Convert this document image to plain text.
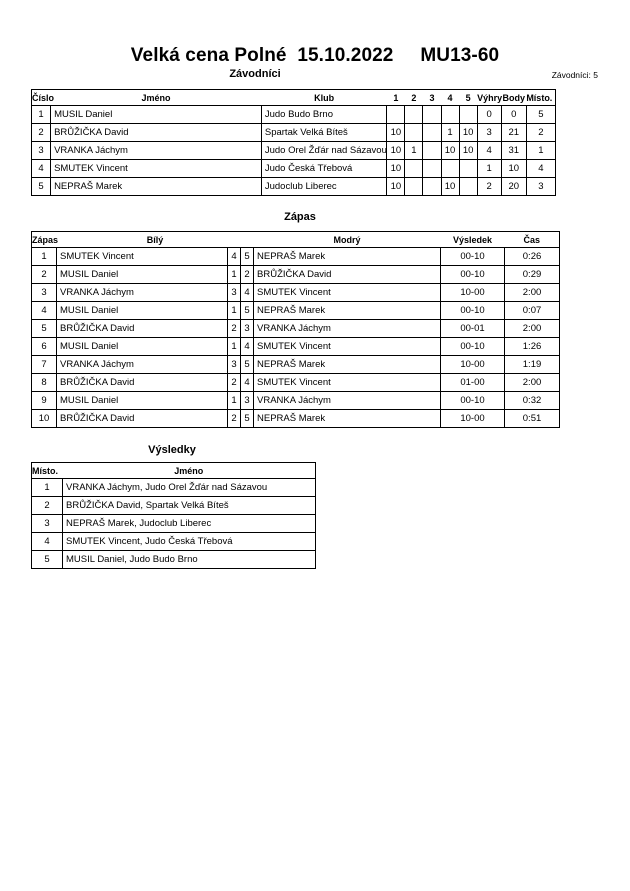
Velká cena Polné  15.10.2022     MU13-60
Závodníci	Závodníci: 5
Číslo	Jméno	Klub	1	2	3	4	5	Výhry	Body	Místo.
1	MUSIL Daniel	Judo Budo Brno						0	0	5
2	BRŮŽIČKA David	Spartak Velká Bíteš	10			1	10	3	21	2
3	VRANKA Jáchym	Judo Orel Žďár nad Sázavou	10	1		10	10	4	31	1
4	SMUTEK Vincent	Judo Česká Třebová	10					1	10	4
5	NEPRAŠ Marek	Judoclub Liberec	10			10		2	20	3
Zápas
Zápas	Bílý			Modrý	Výsledek	Čas
1	SMUTEK Vincent	4	5	NEPRAŠ Marek	00-10	0:26
2	MUSIL Daniel	1	2	BRŮŽIČKA David	00-10	0:29
3	VRANKA Jáchym	3	4	SMUTEK Vincent	10-00	2:00
4	MUSIL Daniel	1	5	NEPRAŠ Marek	00-10	0:07
5	BRŮŽIČKA David	2	3	VRANKA Jáchym	00-01	2:00
6	MUSIL Daniel	1	4	SMUTEK Vincent	00-10	1:26
7	VRANKA Jáchym	3	5	NEPRAŠ Marek	10-00	1:19
8	BRŮŽIČKA David	2	4	SMUTEK Vincent	01-00	2:00
9	MUSIL Daniel	1	3	VRANKA Jáchym	00-10	0:32
10	BRŮŽIČKA David	2	5	NEPRAŠ Marek	10-00	0:51
Výsledky
Místo.	Jméno
1	VRANKA Jáchym, Judo Orel Žďár nad Sázavou
2	BRŮŽIČKA David, Spartak Velká Bíteš
3	NEPRAŠ Marek, Judoclub Liberec
4	SMUTEK Vincent, Judo Česká Třebová
5	MUSIL Daniel, Judo Budo Brno
